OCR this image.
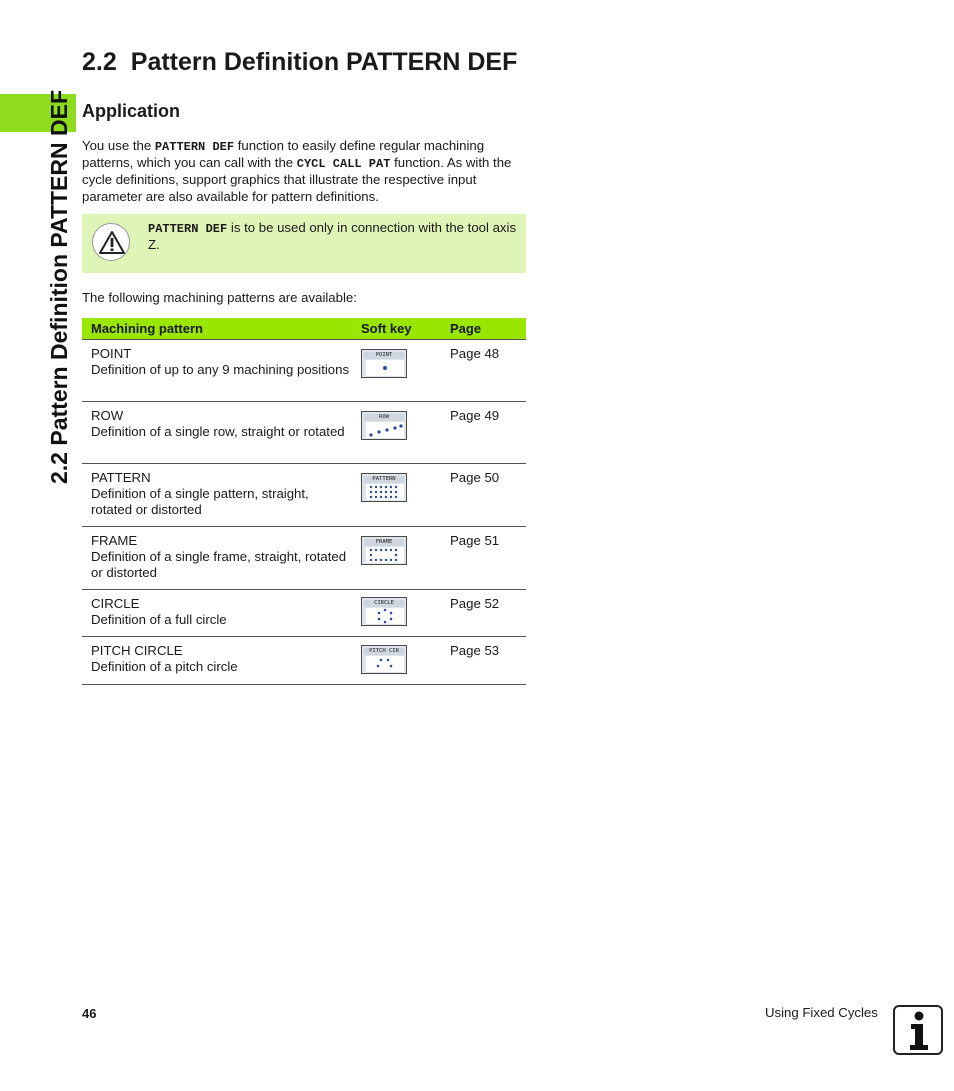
2.2 Pattern Definition PATTERN DEF
2.2 Pattern Definition PATTERN DEF
Application
You use the PATTERN DEF function to easily define regular machining patterns, which you can call with the CYCL CALL PAT function. As with the cycle definitions, support graphics that illustrate the respective input parameter are also available for pattern definitions.
PATTERN DEF is to be used only in connection with the tool axis Z.
The following machining patterns are available:
Machining pattern	Soft key	Page
POINT
Definition of up to any 9 machining positions
POINT	Page 48
ROW
Definition of a single row, straight or rotated
ROW	Page 49
PATTERN
Definition of a single pattern, straight, rotated or distorted
PATTERN	Page 50
FRAME
Definition of a single frame, straight, rotated or distorted
FRAME	Page 51
CIRCLE
Definition of a full circle
CIRCLE	Page 52
PITCH CIRCLE
Definition of a pitch circle
PITCH CIR	Page 53
46	Using Fixed Cycles
